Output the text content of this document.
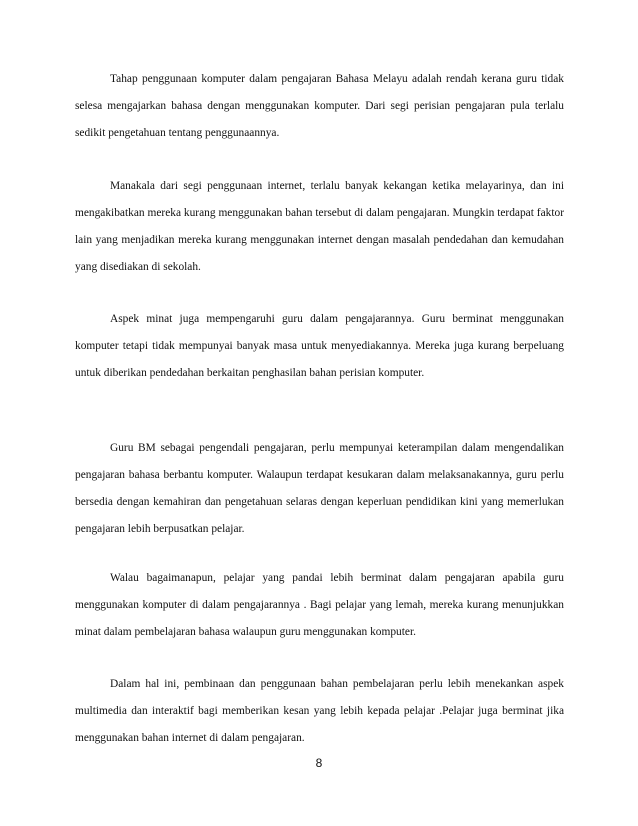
Tahap penggunaan komputer dalam pengajaran Bahasa Melayu adalah rendah kerana guru tidak selesa mengajarkan bahasa dengan menggunakan komputer. Dari segi perisian pengajaran pula terlalu sedikit pengetahuan tentang penggunaannya.

Manakala dari segi penggunaan internet, terlalu banyak kekangan ketika melayarinya, dan ini mengakibatkan mereka kurang menggunakan bahan tersebut di dalam pengajaran. Mungkin terdapat faktor lain yang menjadikan mereka kurang menggunakan internet dengan masalah pendedahan dan kemudahan yang disediakan di sekolah.

Aspek minat juga mempengaruhi guru dalam pengajarannya. Guru berminat menggunakan komputer tetapi tidak mempunyai banyak masa untuk menyediakannya. Mereka juga kurang berpeluang untuk diberikan pendedahan berkaitan penghasilan bahan perisian komputer.

Guru BM sebagai pengendali pengajaran, perlu mempunyai keterampilan dalam mengendalikan pengajaran bahasa berbantu komputer. Walaupun terdapat kesukaran dalam melaksanakannya, guru perlu bersedia dengan kemahiran dan pengetahuan selaras dengan keperluan pendidikan kini yang memerlukan pengajaran lebih berpusatkan pelajar.

Walau bagaimanapun, pelajar yang pandai lebih berminat dalam pengajaran apabila guru menggunakan komputer di dalam pengajarannya . Bagi pelajar yang lemah, mereka kurang menunjukkan minat dalam pembelajaran bahasa walaupun guru menggunakan komputer.

Dalam hal ini, pembinaan dan penggunaan bahan pembelajaran perlu lebih menekankan aspek multimedia dan interaktif bagi memberikan kesan yang lebih kepada pelajar .Pelajar juga berminat jika menggunakan bahan internet di dalam pengajaran.

8
